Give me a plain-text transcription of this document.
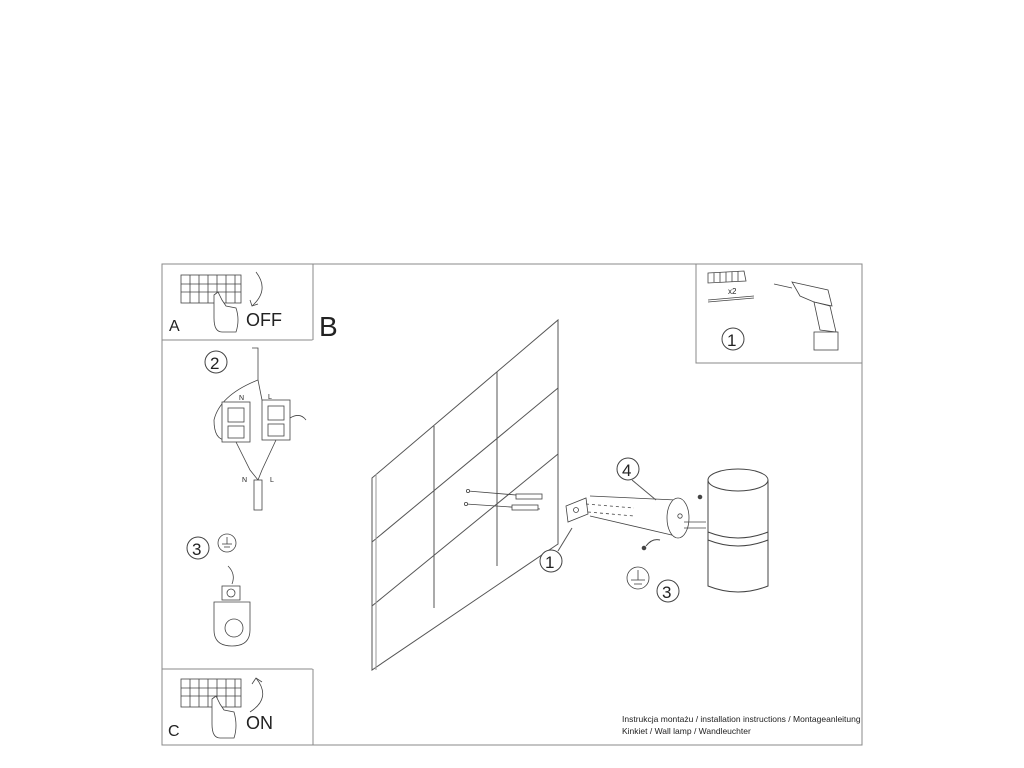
A	OFF
C	ON
2
N	L
N	L
3
B
4
1
3
x2
1
Instrukcja montażu / installation instructions / Montageanleitung
Kinkiet / Wall lamp / Wandleuchter
